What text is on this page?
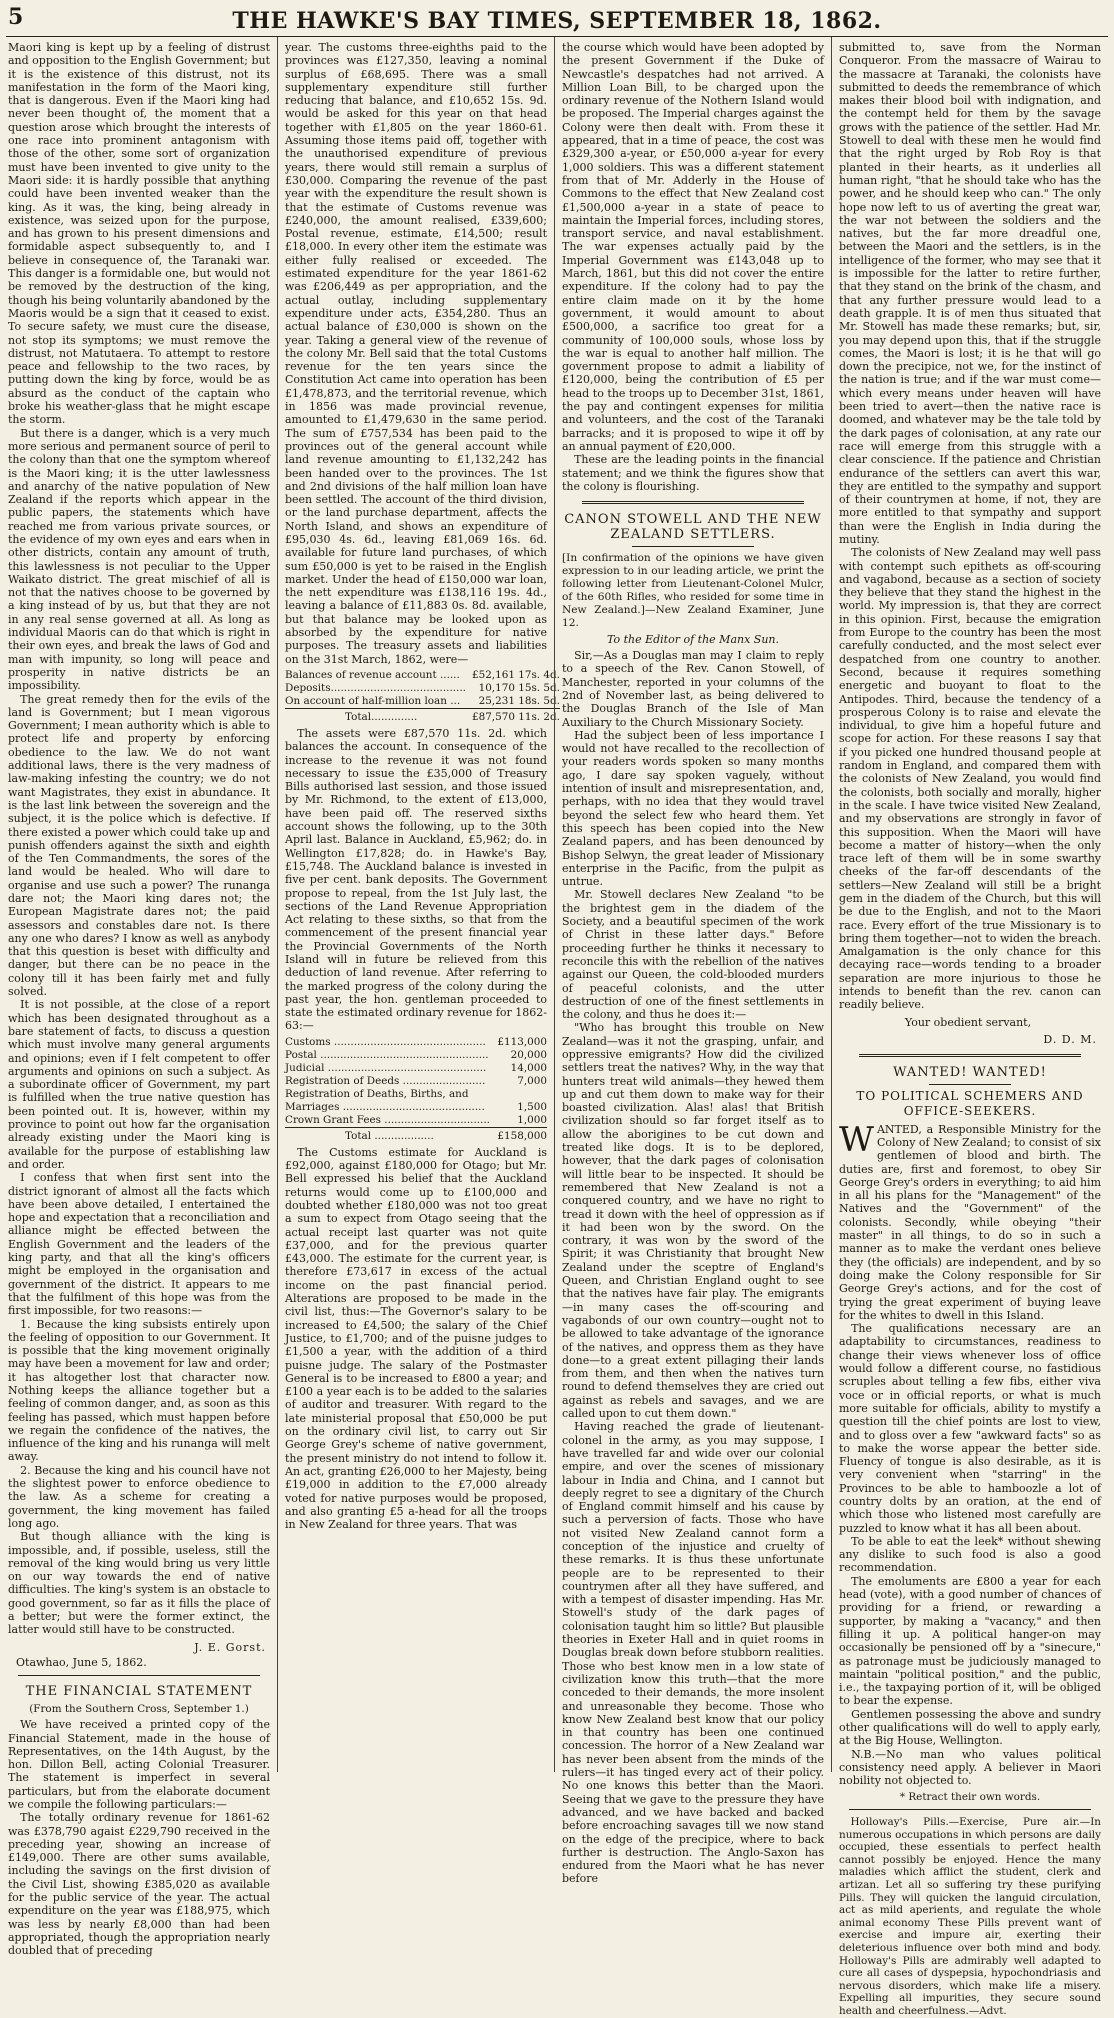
5	THE HAWKE'S BAY TIMES, SEPTEMBER 18, 1862.

Maori king is kept up by a feeling of distrust and opposition to the English Government; but it is the existence of this distrust, not its manifestation in the form of the Maori king, that is dangerous. Even if the Maori king had never been thought of, the moment that a question arose which brought the interests of one race into prominent antagonism with those of the other, some sort of organization must have been invented to give unity to the Maori side: it is hardly possible that anything could have been invented weaker than the king. As it was, the king, being already in existence, was seized upon for the purpose, and has grown to his present dimensions and formidable aspect subsequently to, and I believe in consequence of, the Taranaki war. This danger is a formidable one, but would not be removed by the destruction of the king, though his being voluntarily abandoned by the Maoris would be a sign that it ceased to exist. To secure safety, we must cure the disease, not stop its symptoms; we must remove the distrust, not Matutaera. To attempt to restore peace and fellowship to the two races, by putting down the king by force, would be as absurd as the conduct of the captain who broke his weather-glass that he might escape the storm.

But there is a danger, which is a very much more serious and permanent source of peril to the colony than that one the symptom whereof is the Maori king; it is the utter lawlessness and anarchy of the native population of New Zealand if the reports which appear in the public papers, the statements which have reached me from various private sources, or the evidence of my own eyes and ears when in other districts, contain any amount of truth, this lawlessness is not peculiar to the Upper Waikato district. The great mischief of all is not that the natives choose to be governed by a king instead of by us, but that they are not in any real sense governed at all. As long as individual Maoris can do that which is right in their own eyes, and break the laws of God and man with impunity, so long will peace and prosperity in native districts be an impossibility.

The great remedy then for the evils of the land is Government; but I mean vigorous Government; I mean authority which is able to protect life and property by enforcing obedience to the law. We do not want additional laws, there is the very madness of law-making infesting the country; we do not want Magistrates, they exist in abundance. It is the last link between the sovereign and the subject, it is the police which is defective. If there existed a power which could take up and punish offenders against the sixth and eighth of the Ten Commandments, the sores of the land would be healed. Who will dare to organise and use such a power? The runanga dare not; the Maori king dares not; the European Magistrate dares not; the paid assessors and constables dare not. Is there any one who dares? I know as well as anybody that this question is beset with difficulty and danger, but there can be no peace in the colony till it has been fairly met and fully solved.

It is not possible, at the close of a report which has been designated throughout as a bare statement of facts, to discuss a question which must involve many general arguments and opinions; even if I felt competent to offer arguments and opinions on such a subject. As a subordinate officer of Government, my part is fulfilled when the true native question has been pointed out. It is, however, within my province to point out how far the organisation already existing under the Maori king is available for the purpose of establishing law and order.

I confess that when first sent into the district ignorant of almost all the facts which have been above detailed, I entertained the hope and expectation that a reconciliation and alliance might be effected between the English Government and the leaders of the king party, and that all the king's officers might be employed in the organisation and government of the district. It appears to me that the fulfilment of this hope was from the first impossible, for two reasons:—

1. Because the king subsists entirely upon the feeling of opposition to our Government. It is possible that the king movement originally may have been a movement for law and order; it has altogether lost that character now. Nothing keeps the alliance together but a feeling of common danger, and, as soon as this feeling has passed, which must happen before we regain the confidence of the natives, the influence of the king and his runanga will melt away.

2. Because the king and his council have not the slightest power to enforce obedience to the law. As a scheme for creating a government, the king movement has failed long ago.

But though alliance with the king is impossible, and, if possible, useless, still the removal of the king would bring us very little on our way towards the end of native difficulties. The king's system is an obstacle to good government, so far as it fills the place of a better; but were the former extinct, the latter would still have to be constructed.

J. E. Gorst.
Otawhao, June 5, 1862.
THE FINANCIAL STATEMENT
(From the Southern Cross, September 1.)

We have received a printed copy of the Financial Statement, made in the house of Representatives, on the 14th August, by the hon. Dillon Bell, acting Colonial Treasurer. The statement is imperfect in several particulars, but from the elaborate document we compile the following particulars:—

The totally ordinary revenue for 1861-62 was £378,790 agaist £229,790 received in the preceding year, showing an increase of £149,000. There are other sums available, including the savings on the first division of the Civil List, showing £385,020 as available for the public service of the year. The actual expenditure on the year was £188,975, which was less by nearly £8,000 than had been appropriated, though the appropriation nearly doubled that of preceding

year. The customs three-eighths paid to the provinces was £127,350, leaving a nominal surplus of £68,695. There was a small supplementary expenditure still further reducing that balance, and £10,652 15s. 9d. would be asked for this year on that head together with £1,805 on the year 1860-61. Assuming those items paid off, together with the unauthorised expenditure of previous years, there would still remain a surplus of £30,000. Comparing the revenue of the past year with the expenditure the result shown is that the estimate of Customs revenue was £240,000, the amount realised, £339,600; Postal revenue, estimate, £14,500; result £18,000. In every other item the estimate was either fully realised or exceeded. The estimated expenditure for the year 1861-62 was £206,449 as per appropriation, and the actual outlay, including supplementary expenditure under acts, £354,280. Thus an actual balance of £30,000 is shown on the year. Taking a general view of the revenue of the colony Mr. Bell said that the total Customs revenue for the ten years since the Constitution Act came into operation has been £1,478,873, and the territorial revenue, which in 1856 was made provincial revenue, amounted to £1,479,630 in the same period. The sum of £757,534 has been paid to the provinces out of the general account while land revenue amounting to £1,132,242 has been handed over to the provinces. The 1st and 2nd divisions of the half million loan have been settled. The account of the third division, or the land purchase department, affects the North Island, and shows an expenditure of £95,030 4s. 6d., leaving £81,069 16s. 6d. available for future land purchases, of which sum £50,000 is yet to be raised in the English market. Under the head of £150,000 war loan, the nett expenditure was £138,116 19s. 4d., leaving a balance of £11,883 0s. 8d. available, but that balance may be looked upon as absorbed by the expenditure for native purposes. The treasury assets and liabilities on the 31st March, 1862, were—

Balances of revenue account ......	£52,161 17s. 4d.
Deposits.........................................	10,170 15s. 5d.
On account of half-million loan ...	25,231 18s. 5d.
Total..............	£87,570 11s. 2d.

The assets were £87,570 11s. 2d. which balances the account. In consequence of the increase to the revenue it was not found necessary to issue the £35,000 of Treasury Bills authorised last session, and those issued by Mr. Richmond, to the extent of £13,000, have been paid off. The reserved sixths account shows the following, up to the 30th April last. Balance in Auckland, £5,962; do. in Wellington £17,828; do. in Hawke's Bay, £15,748. The Auckland balance is invested in five per cent. bank deposits. The Government propose to repeal, from the 1st July last, the sections of the Land Revenue Appropriation Act relating to these sixths, so that from the commencement of the present financial year the Provincial Governments of the North Island will in future be relieved from this deduction of land revenue. After referring to the marked progress of the colony during the past year, the hon. gentleman proceeded to state the estimated ordinary revenue for 1862-63:—

Customs ..............................................	£113,000
Postal ...................................................	20,000
Judicial ................................................	14,000
Registration of Deeds .........................	7,000
Registration of Deaths, Births, and Marriages ...........................................	1,500
Crown Grant Fees ................................	1,000
Total ..................	£158,000

The Customs estimate for Auckland is £92,000, against £180,000 for Otago; but Mr. Bell expressed his belief that the Auckland returns would come up to £100,000 and doubted whether £180,000 was not too great a sum to expect from Otago seeing that the actual receipt last quarter was not quite £37,000, and for the previous quarter £43,000. The estimate for the current year, is therefore £73,617 in excess of the actual income on the past financial period. Alterations are proposed to be made in the civil list, thus:—The Governor's salary to be increased to £4,500; the salary of the Chief Justice, to £1,700; and of the puisne judges to £1,500 a year, with the addition of a third puisne judge. The salary of the Postmaster General is to be increased to £800 a year; and £100 a year each is to be added to the salaries of auditor and treasurer. With regard to the late ministerial proposal that £50,000 be put on the ordinary civil list, to carry out Sir George Grey's scheme of native government, the present ministry do not intend to follow it. An act, granting £26,000 to her Majesty, being £19,000 in addition to the £7,000 already voted for native purposes would be proposed, and also granting £5 a-head for all the troops in New Zealand for three years. That was

the course which would have been adopted by the present Government if the Duke of Newcastle's despatches had not arrived. A Million Loan Bill, to be charged upon the ordinary revenue of the Nothern Island would be proposed. The Imperial charges against the Colony were then dealt with. From these it appeared, that in a time of peace, the cost was £329,300 a-year, or £50,000 a-year for every 1,000 soldiers. This was a different statement from that of Mr. Adderly in the House of Commons to the effect that New Zealand cost £1,500,000 a-year in a state of peace to maintain the Imperial forces, including stores, transport service, and naval establishment. The war expenses actually paid by the Imperial Government was £143,048 up to March, 1861, but this did not cover the entire expenditure. If the colony had to pay the entire claim made on it by the home government, it would amount to about £500,000, a sacrifice too great for a community of 100,000 souls, whose loss by the war is equal to another half million. The government propose to admit a liability of £120,000, being the contribution of £5 per head to the troops up to December 31st, 1861, the pay and contingent expenses for militia and volunteers, and the cost of the Taranaki barracks; and it is proposed to wipe it off by an annual payment of £20,000.

These are the leading points in the financial statement; and we think the figures show that the colony is flourishing.

CANON STOWELL AND THE NEW ZEALAND SETTLERS.

[In confirmation of the opinions we have given expression to in our leading article, we print the following letter from Lieutenant-Colonel Mulcr, of the 60th Rifles, who resided for some time in New Zealand.]—New Zealand Examiner, June 12.

To the Editor of the Manx Sun.

Sir,—As a Douglas man may I claim to reply to a speech of the Rev. Canon Stowell, of Manchester, reported in your columns of the 2nd of November last, as being delivered to the Douglas Branch of the Isle of Man Auxiliary to the Church Missionary Society.

Had the subject been of less importance I would not have recalled to the recollection of your readers words spoken so many months ago, I dare say spoken vaguely, without intention of insult and misrepresentation, and, perhaps, with no idea that they would travel beyond the select few who heard them. Yet this speech has been copied into the New Zealand papers, and has been denounced by Bishop Selwyn, the great leader of Missionary enterprise in the Pacific, from the pulpit as untrue.

Mr. Stowell declares New Zealand "to be the brightest gem in the diadem of the Society, and a beautiful specimen of the work of Christ in these latter days." Before proceeding further he thinks it necessary to reconcile this with the rebellion of the natives against our Queen, the cold-blooded murders of peaceful colonists, and the utter destruction of one of the finest settlements in the colony, and thus he does it:—

"Who has brought this trouble on New Zealand—was it not the grasping, unfair, and oppressive emigrants? How did the civilized settlers treat the natives? Why, in the way that hunters treat wild animals—they hewed them up and cut them down to make way for their boasted civilization. Alas! alas! that British civilization should so far forget itself as to allow the aborigines to be cut down and treated like dogs. It is to be deplored, however, that the dark pages of colonisation will little bear to be inspected. It should be remembered that New Zealand is not a conquered country, and we have no right to tread it down with the heel of oppression as if it had been won by the sword. On the contrary, it was won by the sword of the Spirit; it was Christianity that brought New Zealand under the sceptre of England's Queen, and Christian England ought to see that the natives have fair play. The emigrants—in many cases the off-scouring and vagabonds of our own country—ought not to be allowed to take advantage of the ignorance of the natives, and oppress them as they have done—to a great extent pillaging their lands from them, and then when the natives turn round to defend themselves they are cried out against as rebels and savages, and we are called upon to cut them down."

Having reached the grade of lieutenant-colonel in the army, as you may suppose, I have travelled far and wide over our colonial empire, and over the scenes of missionary labour in India and China, and I cannot but deeply regret to see a dignitary of the Church of England commit himself and his cause by such a perversion of facts. Those who have not visited New Zealand cannot form a conception of the injustice and cruelty of these remarks. It is thus these unfortunate people are to be represented to their countrymen after all they have suffered, and with a tempest of disaster impending. Has Mr. Stowell's study of the dark pages of colonisation taught him so little? But plausible theories in Exeter Hall and in quiet rooms in Douglas break down before stubborn realities. Those who best know men in a low state of civilization know this truth—that the more conceded to their demands, the more insolent and unreasonable they become. Those who know New Zealand best know that our policy in that country has been one continued concession. The horror of a New Zealand war has never been absent from the minds of the rulers—it has tinged every act of their policy. No one knows this better than the Maori. Seeing that we gave to the pressure they have advanced, and we have backed and backed before encroaching savages till we now stand on the edge of the precipice, where to back further is destruction. The Anglo-Saxon has endured from the Maori what he has never before

submitted to, save from the Norman Conqueror. From the massacre of Wairau to the massacre at Taranaki, the colonists have submitted to deeds the remembrance of which makes their blood boil with indignation, and the contempt held for them by the savage grows with the patience of the settler. Had Mr. Stowell to deal with these men he would find that the right urged by Rob Roy is that planted in their hearts, as it underlies all human right, "that he should take who has the power, and he should keep who can." The only hope now left to us of averting the great war, the war not between the soldiers and the natives, but the far more dreadful one, between the Maori and the settlers, is in the intelligence of the former, who may see that it is impossible for the latter to retire further, that they stand on the brink of the chasm, and that any further pressure would lead to a death grapple. It is of men thus situated that Mr. Stowell has made these remarks; but, sir, you may depend upon this, that if the struggle comes, the Maori is lost; it is he that will go down the precipice, not we, for the instinct of the nation is true; and if the war must come—which every means under heaven will have been tried to avert—then the native race is doomed, and whatever may be the tale told by the dark pages of colonisation, at any rate our race will emerge from this struggle with a clear conscience. If the patience and Christian endurance of the settlers can avert this war, they are entitled to the sympathy and support of their countrymen at home, if not, they are more entitled to that sympathy and support than were the English in India during the mutiny.

The colonists of New Zealand may well pass with contempt such epithets as off-scouring and vagabond, because as a section of society they believe that they stand the highest in the world. My impression is, that they are correct in this opinion. First, because the emigration from Europe to the country has been the most carefully conducted, and the most select ever despatched from one country to another. Second, because it requires something energetic and buoyant to float to the Antipodes. Third, because the tendency of a prosperous Colony is to raise and elevate the individual, to give him a hopeful future and scope for action. For these reasons I say that if you picked one hundred thousand people at random in England, and compared them with the colonists of New Zealand, you would find the colonists, both socially and morally, higher in the scale. I have twice visited New Zealand, and my observations are strongly in favor of this supposition. When the Maori will have become a matter of history—when the only trace left of them will be in some swarthy cheeks of the far-off descendants of the settlers—New Zealand will still be a bright gem in the diadem of the Church, but this will be due to the English, and not to the Maori race. Every effort of the true Missionary is to bring them together—not to widen the breach. Amalgamation is the only chance for this decaying race—words tending to a broader separation are more injurious to those he intends to benefit than the rev. canon can readily believe.

Your obedient servant,
D. D. M.
WANTED! WANTED!
TO POLITICAL SCHEMERS AND OFFICE-SEEKERS.

WANTED, a Responsible Ministry for the Colony of New Zealand; to consist of six gentlemen of blood and birth. The duties are, first and foremost, to obey Sir George Grey's orders in everything; to aid him in all his plans for the "Management" of the Natives and the "Government" of the colonists. Secondly, while obeying "their master" in all things, to do so in such a manner as to make the verdant ones believe they (the officials) are independent, and by so doing make the Colony responsible for Sir George Grey's actions, and for the cost of trying the great experiment of buying leave for the whites to dwell in this Island.

The qualifications necessary are an adaptability to circumstances, readiness to change their views whenever loss of office would follow a different course, no fastidious scruples about telling a few fibs, either viva voce or in official reports, or what is much more suitable for officials, ability to mystify a question till the chief points are lost to view, and to gloss over a few "awkward facts" so as to make the worse appear the better side. Fluency of tongue is also desirable, as it is very convenient when "starring" in the Provinces to be able to hamboozle a lot of country dolts by an oration, at the end of which those who listened most carefully are puzzled to know what it has all been about.

To be able to eat the leek* without shewing any dislike to such food is also a good recommendation.

The emoluments are £800 a year for each head (vote), with a good number of chances of providing for a friend, or rewarding a supporter, by making a "vacancy," and then filling it up. A political hanger-on may occasionally be pensioned off by a "sinecure," as patronage must be judiciously managed to maintain "political position," and the public, i.e., the taxpaying portion of it, will be obliged to bear the expense.

Gentlemen possessing the above and sundry other qualifications will do well to apply early, at the Big House, Wellington.

N.B.—No man who values political consistency need apply. A believer in Maori nobility not objected to.

* Retract their own words.

Holloway's Pills.—Exercise, Pure air.—In numerous occupations in which persons are daily occupied, these essentials to perfect health cannot possibly be enjoyed. Hence the many maladies which afflict the student, clerk and artizan. Let all so suffering try these purifying Pills. They will quicken the languid circulation, act as mild aperients, and regulate the whole animal economy These Pills prevent want of exercise and impure air, exerting their deleterious influence over both mind and body. Holloway's Pills are admirably well adapted to cure all cases of dyspepsia, hypochondriasis and nervous disorders, which make life a misery. Expelling all impurities, they secure sound health and cheerfulness.—Advt.
